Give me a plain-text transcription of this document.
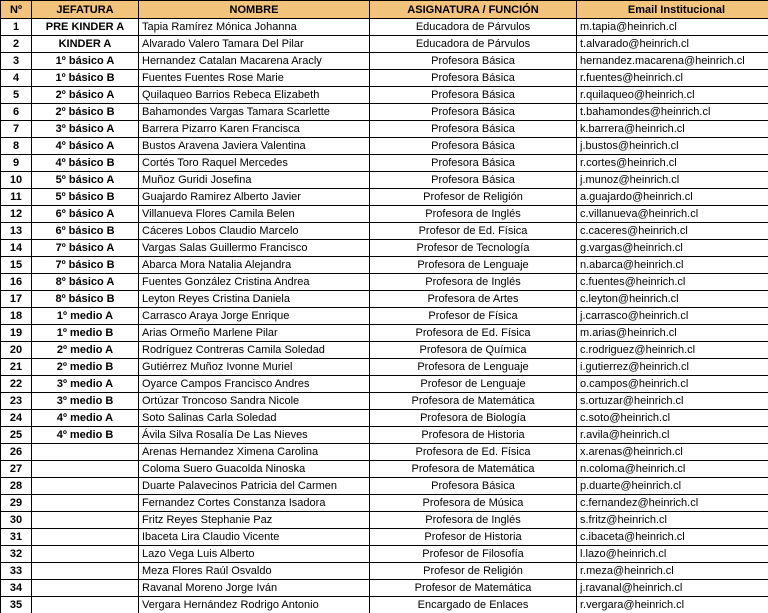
Nº	JEFATURA	NOMBRE	ASIGNATURA / FUNCIÓN	Email Institucional
1	PRE KINDER A	Tapia Ramírez Mónica Johanna	Educadora de Párvulos	m.tapia@heinrich.cl
2	KINDER A	Alvarado Valero Tamara Del Pilar	Educadora de Párvulos	t.alvarado@heinrich.cl
3	1º básico A	Hernandez Catalan Macarena Aracly	Profesora Básica	hernandez.macarena@heinrich.cl
4	1º básico B	Fuentes Fuentes Rose Marie	Profesora Básica	r.fuentes@heinrich.cl
5	2º básico A	Quilaqueo Barrios Rebeca Elizabeth	Profesora Básica	r.quilaqueo@heinrich.cl
6	2º básico B	Bahamondes Vargas Tamara Scarlette	Profesora Básica	t.bahamondes@heinrich.cl
7	3º básico A	Barrera Pizarro Karen Francisca	Profesora Básica	k.barrera@heinrich.cl
8	4º básico A	Bustos Aravena Javiera Valentina	Profesora Básica	j.bustos@heinrich.cl
9	4º básico B	Cortés Toro Raquel Mercedes	Profesora Básica	r.cortes@heinrich.cl
10	5º básico A	Muñoz Guridi Josefina	Profesora Básica	j.munoz@heinrich.cl
11	5º básico B	Guajardo Ramirez Alberto Javier	Profesor de Religión	a.guajardo@heinrich.cl
12	6º básico A	Villanueva Flores Camila Belen	Profesora de Inglés	c.villanueva@heinrich.cl
13	6º básico B	Cáceres Lobos Claudio Marcelo	Profesor de Ed. Física	c.caceres@heinrich.cl
14	7º básico A	Vargas Salas Guillermo Francisco	Profesor de Tecnología	g.vargas@heinrich.cl
15	7º básico B	Abarca Mora Natalia Alejandra	Profesora de Lenguaje	n.abarca@heinrich.cl
16	8º básico A	Fuentes González Cristina Andrea	Profesora de Inglés	c.fuentes@heinrich.cl
17	8º básico B	Leyton Reyes Cristina Daniela	Profesora de Artes	c.leyton@heinrich.cl
18	1º medio A	Carrasco Araya Jorge Enrique	Profesor de Física	j.carrasco@heinrich.cl
19	1º medio B	Arias Ormeño Marlene Pilar	Profesora de Ed. Física	m.arias@heinrich.cl
20	2º medio A	Rodríguez Contreras Camila Soledad	Profesora de Química	c.rodriguez@heinrich.cl
21	2º medio B	Gutiérrez Muñoz Ivonne Muriel	Profesora de Lenguaje	i.gutierrez@heinrich.cl
22	3º medio A	Oyarce Campos Francisco Andres	Profesor de Lenguaje	o.campos@heinrich.cl
23	3º medio B	Ortúzar Troncoso Sandra Nicole	Profesora de Matemática	s.ortuzar@heinrich.cl
24	4º medio A	Soto Salinas Carla Soledad	Profesora de Biología	c.soto@heinrich.cl
25	4º medio B	Ávila Silva Rosalía De Las Nieves	Profesora de Historia	r.avila@heinrich.cl
26		Arenas Hernandez Ximena Carolina	Profesora de Ed. Física	x.arenas@heinrich.cl
27		Coloma Suero Guacolda Ninoska	Profesora de Matemática	n.coloma@heinrich.cl
28		Duarte Palavecinos Patricia del Carmen	Profesora Básica	p.duarte@heinrich.cl
29		Fernandez Cortes Constanza Isadora	Profesora de Música	c.fernandez@heinrich.cl
30		Fritz Reyes Stephanie Paz	Profesora de Inglés	s.fritz@heinrich.cl
31		Ibaceta Lira Claudio Vicente	Profesor de Historia	c.ibaceta@heinrich.cl
32		Lazo Vega Luis Alberto	Profesor de Filosofía	l.lazo@heinrich.cl
33		Meza Flores Raúl Osvaldo	Profesor de Religión	r.meza@heinrich.cl
34		Ravanal Moreno Jorge Iván	Profesor de Matemática	j.ravanal@heinrich.cl
35		Vergara Hernández Rodrigo Antonio	Encargado de Enlaces	r.vergara@heinrich.cl
